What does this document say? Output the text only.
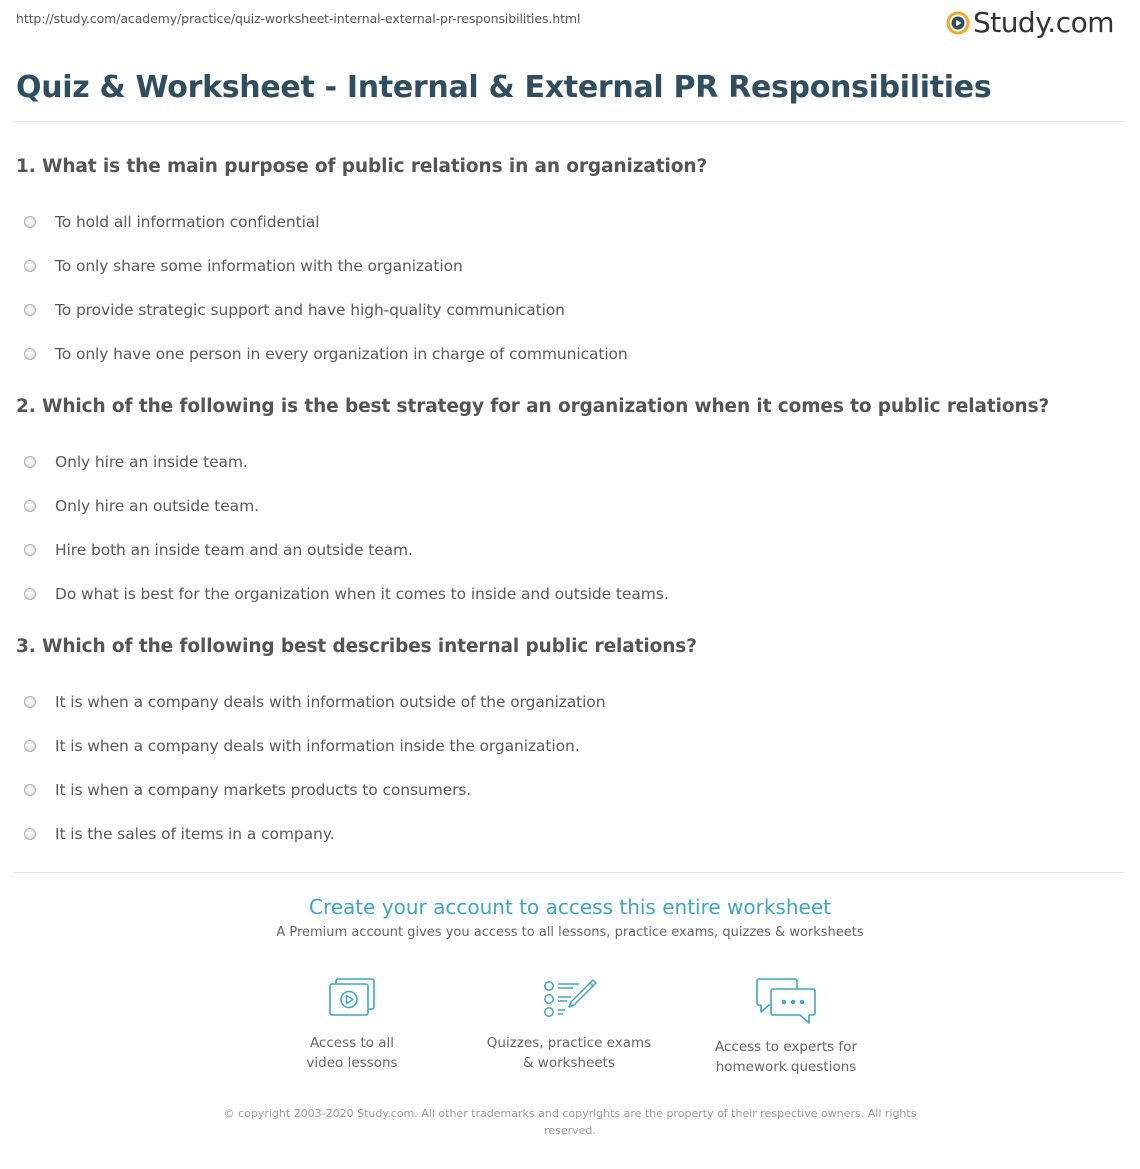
http://study.com/academy/practice/quiz-worksheet-internal-external-pr-responsibilities.html	Study.com
Quiz & Worksheet - Internal & External PR Responsibilities
1. What is the main purpose of public relations in an organization?
To hold all information confidential
To only share some information with the organization
To provide strategic support and have high-quality communication
To only have one person in every organization in charge of communication
2. Which of the following is the best strategy for an organization when it comes to public relations?
Only hire an inside team.
Only hire an outside team.
Hire both an inside team and an outside team.
Do what is best for the organization when it comes to inside and outside teams.
3. Which of the following best describes internal public relations?
It is when a company deals with information outside of the organization
It is when a company deals with information inside the organization.
It is when a company markets products to consumers.
It is the sales of items in a company.
Create your account to access this entire worksheet
A Premium account gives you access to all lessons, practice exams, quizzes & worksheets
Access to all
video lessons
Quizzes, practice exams
& worksheets
Access to experts for
homework questions
© copyright 2003-2020 Study.com. All other trademarks and copyrights are the property of their respective owners. All rights
reserved.
